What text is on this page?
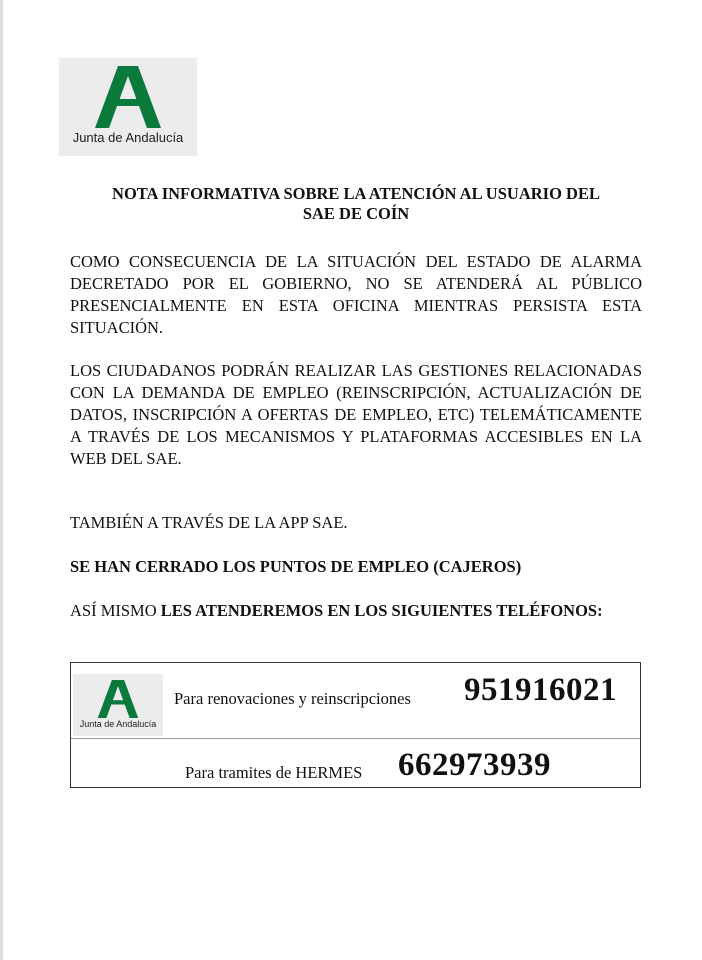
Junta de Andalucía
NOTA INFORMATIVA SOBRE LA ATENCIÓN AL USUARIO DEL
SAE DE COÍN

COMO CONSECUENCIA DE LA SITUACIÓN DEL ESTADO DE ALARMA DECRETADO POR EL GOBIERNO, NO SE ATENDERÁ AL PÚBLICO PRESENCIALMENTE EN ESTA OFICINA MIENTRAS PERSISTA ESTA SITUACIÓN.

LOS CIUDADANOS PODRÁN REALIZAR LAS GESTIONES RELACIONADAS CON LA DEMANDA DE EMPLEO (REINSCRIPCIÓN, ACTUALIZACIÓN DE DATOS, INSCRIPCIÓN A OFERTAS DE EMPLEO, ETC) TELEMÁTICAMENTE A TRAVÉS DE LOS MECANISMOS Y PLATAFORMAS ACCESIBLES EN LA WEB DEL SAE.

TAMBIÉN A TRAVÉS DE LA APP SAE.

SE HAN CERRADO LOS PUNTOS DE EMPLEO (CAJEROS)

ASÍ MISMO LES ATENDEREMOS EN LOS SIGUIENTES TELÉFONOS:

Junta de Andalucía
Para renovaciones y reinscripciones 951916021
Para tramites de HERMES 662973939
